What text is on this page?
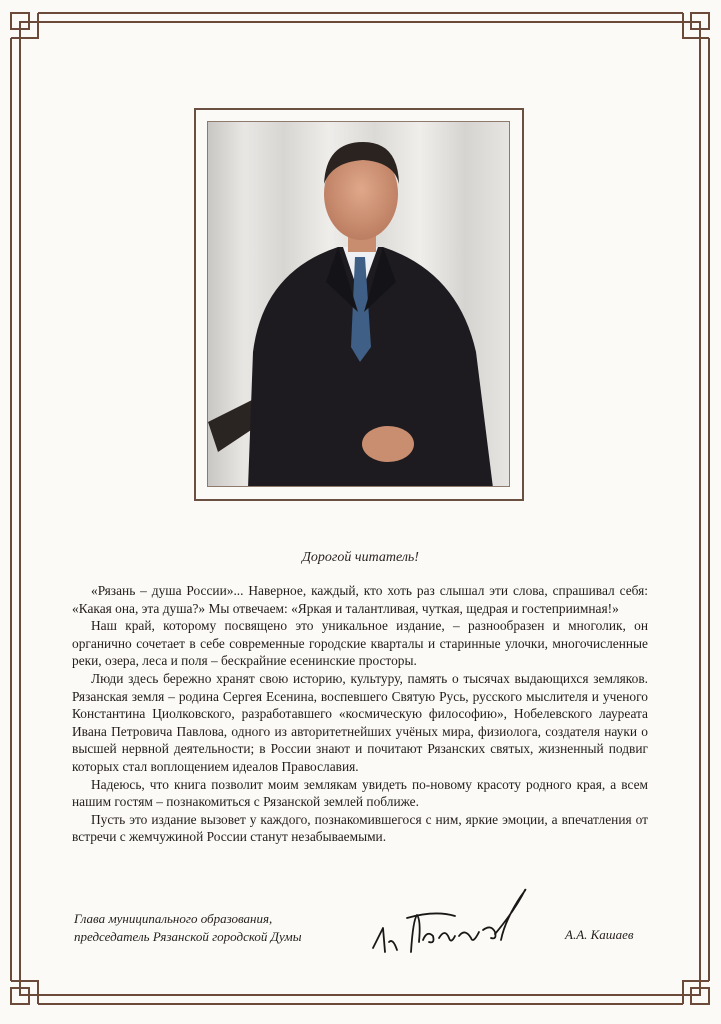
Дорогой читатель!

«Рязань – душа России»... Наверное, каждый, кто хоть раз слышал эти слова, спрашивал себя: «Какая она, эта душа?» Мы отвечаем: «Яркая и талантливая, чуткая, щедрая и гостеприимная!»

Наш край, которому посвящено это уникальное издание, – разнообразен и многолик, он органично сочетает в себе современные городские кварталы и старинные улочки, многочисленные реки, озера, леса и поля – бескрайние есенинские просторы.

Люди здесь бережно хранят свою историю, культуру, память о тысячах выдающихся земляков. Рязанская земля – родина Сергея Есенина, воспевшего Святую Русь, русского мыслителя и ученого Константина Циолковского, разработавшего «космическую философию», Нобелевского лауреата Ивана Петровича Павлова, одного из авторитетнейших учёных мира, физиолога, создателя науки о высшей нервной деятельности; в России знают и почитают Рязанских святых, жизненный подвиг которых стал воплощением идеалов Православия.

Надеюсь, что книга позволит моим землякам увидеть по-новому красоту родного края, а всем нашим гостям – познакомиться с Рязанской землей поближе.

Пусть это издание вызовет у каждого, познакомившегося с ним, яркие эмоции, а впечатления от встречи с жемчужиной России станут незабываемыми.

Глава муниципального образования,
председатель Рязанской городской Думы	А.А. Кашаев
